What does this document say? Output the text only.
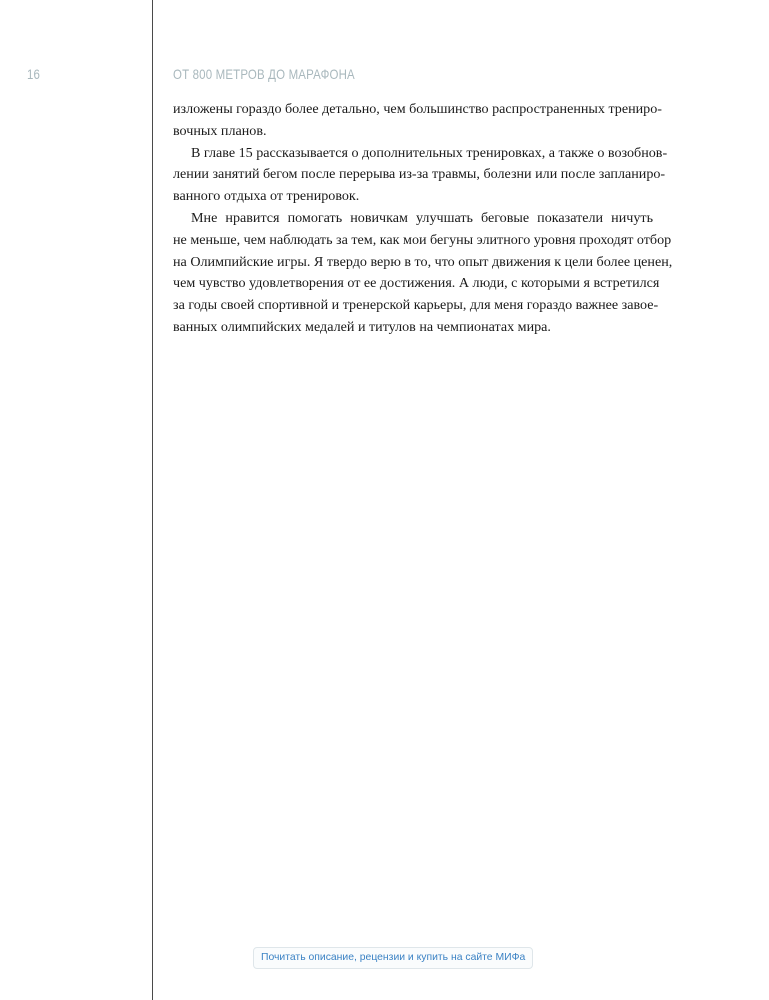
16	ОТ 800 МЕТРОВ ДО МАРАФОНА
изложены гораздо более детально, чем большинство распространенных трениро-
вочных планов.
В главе 15 рассказывается о дополнительных тренировках, а также о возобнов-
лении занятий бегом после перерыва из-за травмы, болезни или после запланиро-
ванного отдыха от тренировок.
Мне нравится помогать новичкам улучшать беговые показатели ничуть
не меньше, чем наблюдать за тем, как мои бегуны элитного уровня проходят отбор
на Олимпийские игры. Я твердо верю в то, что опыт движения к цели более ценен,
чем чувство удовлетворения от ее достижения. А люди, с которыми я встретился
за годы своей спортивной и тренерской карьеры, для меня гораздо важнее завое-
ванных олимпийских медалей и титулов на чемпионатах мира.
Почитать описание, рецензии и купить на сайте МИФа
